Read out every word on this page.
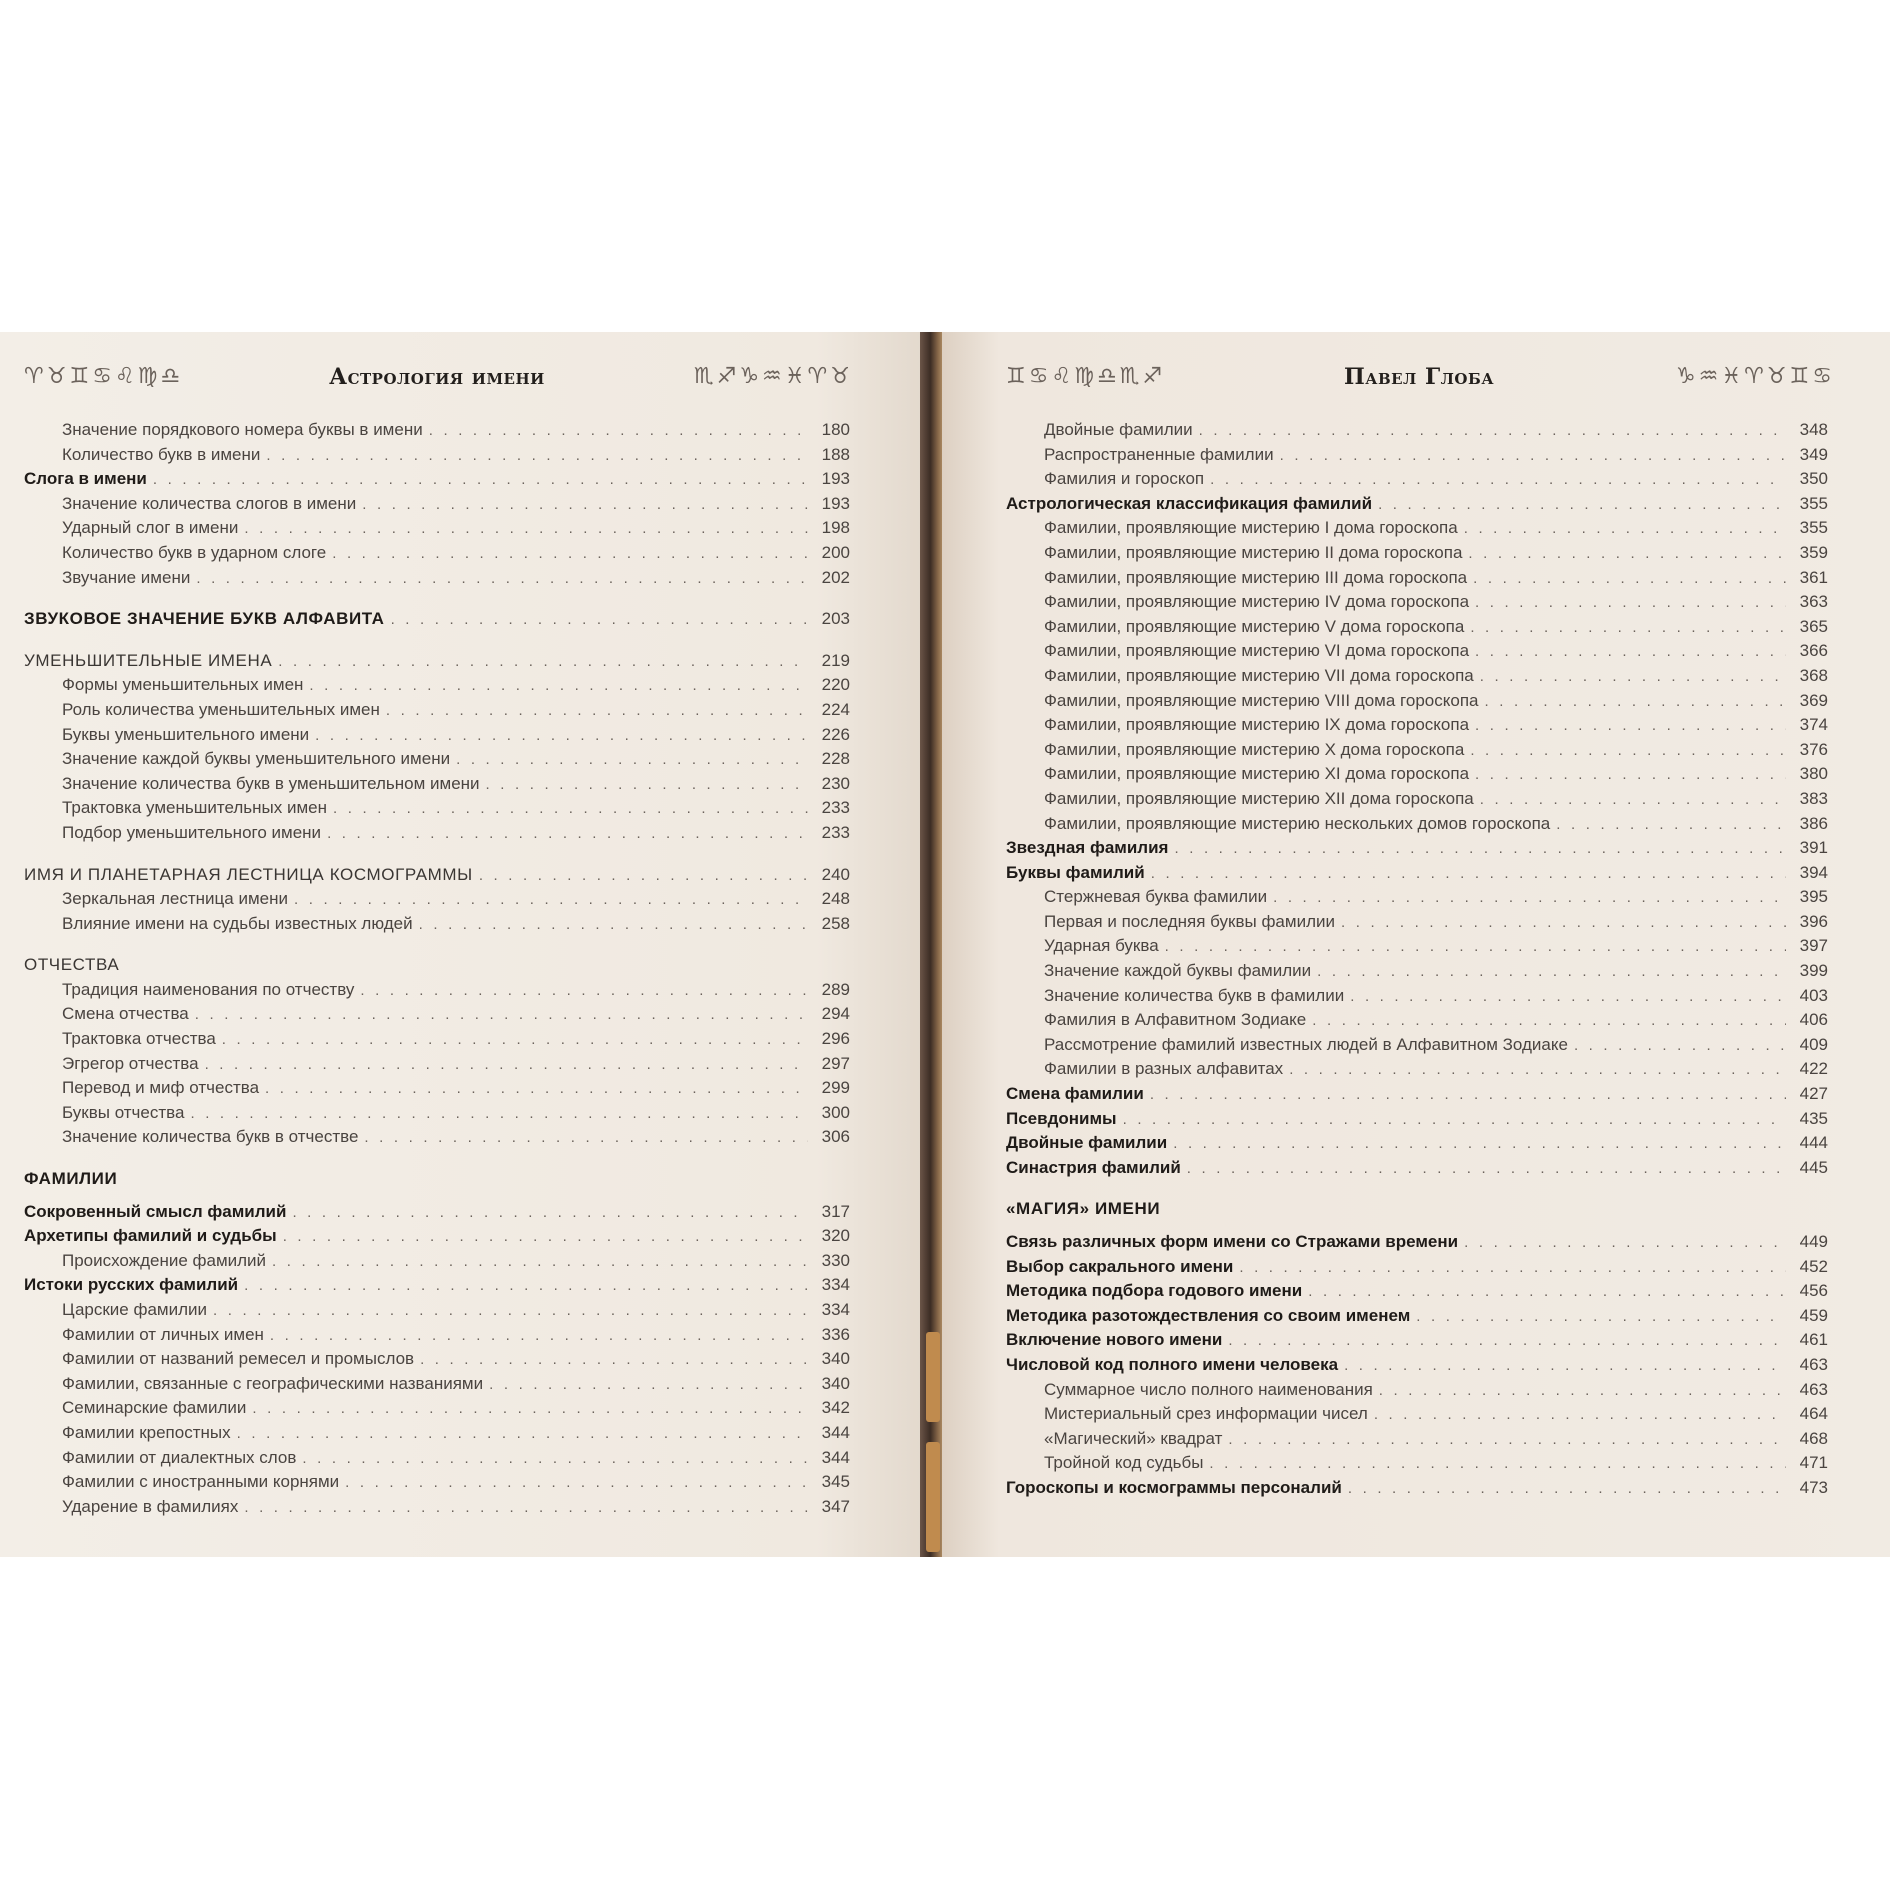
♈ ♉ ♊ ♋ ♌ ♍ ♎	Астрология имени	♏ ♐ ♑ ♒ ♓ ♈ ♉
Значение порядкового номера буквы в имени . . .	180
Количество букв в имени . . .	188
Слога в имени . . .	193
Значение количества слогов в имени . . .	193
Ударный слог в имени . . .	198
Количество букв в ударном слоге . . .	200
Звучание имени . . .	202
ЗВУКОВОЕ ЗНАЧЕНИЕ БУКВ АЛФАВИТА . . .	203
УМЕНЬШИТЕЛЬНЫЕ ИМЕНА . . .	219
Формы уменьшительных имен . . .	220
Роль количества уменьшительных имен . . .	224
Буквы уменьшительного имени . . .	226
Значение каждой буквы уменьшительного имени . . .	228
Значение количества букв в уменьшительном имени . . .	230
Трактовка уменьшительных имен . . .	233
Подбор уменьшительного имени . . .	233
ИМЯ И ПЛАНЕТАРНАЯ ЛЕСТНИЦА КОСМОГРАММЫ . . .	240
Зеркальная лестница имени . . .	248
Влияние имени на судьбы известных людей . . .	258
ОТЧЕСТВА
Традиция наименования по отчеству . . .	289
Смена отчества . . .	294
Трактовка отчества . . .	296
Эгрегор отчества . . .	297
Перевод и миф отчества . . .	299
Буквы отчества . . .	300
Значение количества букв в отчестве . . .	306
ФАМИЛИИ
Сокровенный смысл фамилий . . .	317
Архетипы фамилий и судьбы . . .	320
Происхождение фамилий . . .	330
Истоки русских фамилий . . .	334
Царские фамилии . . .	334
Фамилии от личных имен . . .	336
Фамилии от названий ремесел и промыслов . . .	340
Фамилии, связанные с географическими названиями . . .	340
Семинарские фамилии . . .	342
Фамилии крепостных . . .	344
Фамилии от диалектных слов . . .	344
Фамилии с иностранными корнями . . .	345
Ударение в фамилиях . . .	347
♊ ♋ ♌ ♍ ♎ ♏ ♐	Павел Глоба	♑ ♒ ♓ ♈ ♉ ♊ ♋
Двойные фамилии . . .	348
Распространенные фамилии . . .	349
Фамилия и гороскоп . . .	350
Астрологическая классификация фамилий . . .	355
Фамилии, проявляющие мистерию I дома гороскопа . . .	355
Фамилии, проявляющие мистерию II дома гороскопа . . .	359
Фамилии, проявляющие мистерию III дома гороскопа . . .	361
Фамилии, проявляющие мистерию IV дома гороскопа . . .	363
Фамилии, проявляющие мистерию V дома гороскопа . . .	365
Фамилии, проявляющие мистерию VI дома гороскопа . . .	366
Фамилии, проявляющие мистерию VII дома гороскопа . . .	368
Фамилии, проявляющие мистерию VIII дома гороскопа . . .	369
Фамилии, проявляющие мистерию IX дома гороскопа . . .	374
Фамилии, проявляющие мистерию X дома гороскопа . . .	376
Фамилии, проявляющие мистерию XI дома гороскопа . . .	380
Фамилии, проявляющие мистерию XII дома гороскопа . . .	383
Фамилии, проявляющие мистерию нескольких домов гороскопа . . .	386
Звездная фамилия . . .	391
Буквы фамилий . . .	394
Стержневая буква фамилии . . .	395
Первая и последняя буквы фамилии . . .	396
Ударная буква . . .	397
Значение каждой буквы фамилии . . .	399
Значение количества букв в фамилии . . .	403
Фамилия в Алфавитном Зодиаке . . .	406
Рассмотрение фамилий известных людей в Алфавитном Зодиаке . . .	409
Фамилии в разных алфавитах . . .	422
Смена фамилии . . .	427
Псевдонимы . . .	435
Двойные фамилии . . .	444
Синастрия фамилий . . .	445
«МАГИЯ» ИМЕНИ
Связь различных форм имени со Стражами времени . . .	449
Выбор сакрального имени . . .	452
Методика подбора годового имени . . .	456
Методика разотождествления со своим именем . . .	459
Включение нового имени . . .	461
Числовой код полного имени человека . . .	463
Суммарное число полного наименования . . .	463
Мистериальный срез информации чисел . . .	464
«Магический» квадрат . . .	468
Тройной код судьбы . . .	471
Гороскопы и космограммы персоналий . . .	473
